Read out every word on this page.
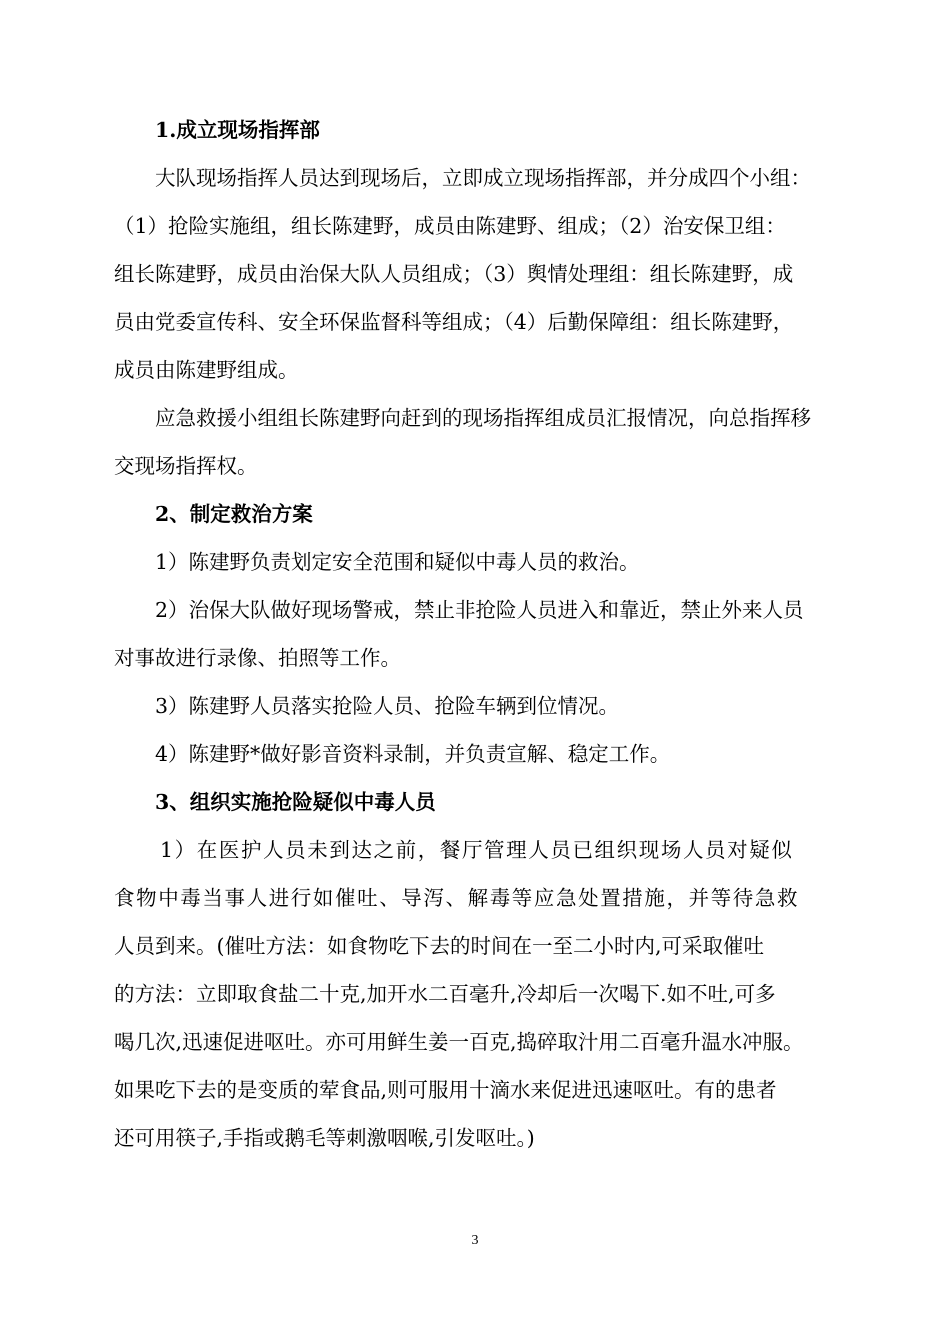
1.成立现场指挥部
大队现场指挥人员达到现场后，立即成立现场指挥部，并分成四个小组：
（1）抢险实施组，组长陈建野，成员由陈建野、组成；（2）治安保卫组：
组长陈建野，成员由治保大队人员组成；（3）舆情处理组：组长陈建野，成
员由党委宣传科、安全环保监督科等组成；（4）后勤保障组：组长陈建野，
成员由陈建野组成。
应急救援小组组长陈建野向赶到的现场指挥组成员汇报情况，向总指挥移
交现场指挥权。
2、制定救治方案
1）陈建野负责划定安全范围和疑似中毒人员的救治。
2）治保大队做好现场警戒，禁止非抢险人员进入和靠近，禁止外来人员
对事故进行录像、拍照等工作。
3）陈建野人员落实抢险人员、抢险车辆到位情况。
4）陈建野*做好影音资料录制，并负责宣解、稳定工作。
3、组织实施抢险疑似中毒人员
1）在医护人员未到达之前，餐厅管理人员已组织现场人员对疑似
食物中毒当事人进行如催吐、导泻、解毒等应急处置措施，并等待急救
人员到来。(催吐方法：如食物吃下去的时间在一至二小时内,可采取催吐
的方法：立即取食盐二十克,加开水二百毫升,冷却后一次喝下.如不吐,可多
喝几次,迅速促进呕吐。亦可用鲜生姜一百克,捣碎取汁用二百毫升温水冲服。
如果吃下去的是变质的荤食品,则可服用十滴水来促进迅速呕吐。有的患者
还可用筷子,手指或鹅毛等刺激咽喉,引发呕吐。)
3
